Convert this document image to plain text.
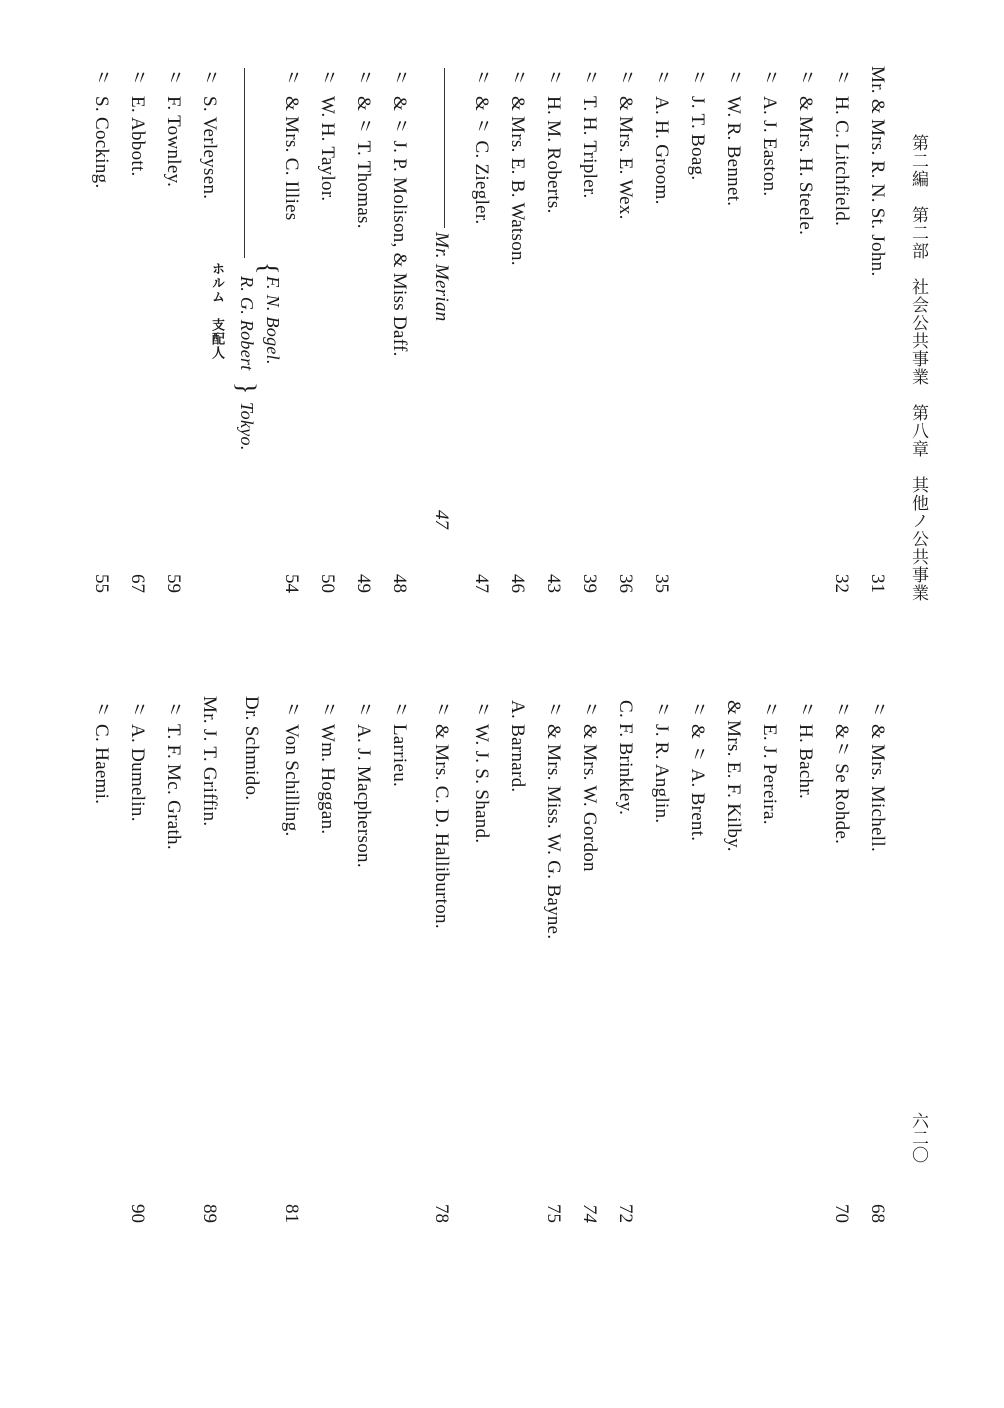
第二編　第二部　社会公共事業　第八章　其他ノ公共事業
六二〇
Mr. & Mrs. R. N. St. John.
31
〃
H. C. Litchfield.
32
〃
& Mrs. H. Steele.
〃
A. J. Easton.
〃
W. R. Bennet.
〃
J. T. Boag.
〃
A. H. Groom.
35
〃
& Mrs. E. Wex.
36
〃
T. H. Tripler.
39
〃
H. M. Roberts.
43
〃
& Mrs. E. B. Watson.
46
〃
& 〃 C. Ziegler.
47
Mr. Merian
47
〃
& 〃 J. P. Molison, & Miss Daff.
48
〃
& 〃 T. Thomas.
49
〃
W. H. Taylor.
50
〃
& Mrs. C. Illies
54
{
F. N. Bogel.
R. G. Robert
}
Tokyo.
ホルム　支配人
〃
S. Verleysen.
〃
F. Townley.
59
〃
E. Abbott.
67
〃
S. Cocking.
55
〃
& Mrs. Michell.
68
〃
&〃 Se Rohde.
70
〃
H. Bachr.
〃
E. J. Pereira.
& Mrs. E. F. Kilby.
〃
& 〃 A. Brent.
〃
J. R. Anglin.
C. F. Brinkley.
72
〃
& Mrs. W. Gordon
74
〃
& Mrs. Miss. W. G. Bayne.
75
A. Barnard.
〃
W. J. S. Shand.
〃
& Mrs. C. D. Halliburton.
78
〃
Larrieu.
〃
A. J. Macpherson.
〃
Wm. Hoggan.
〃
Von Schilling.
81
Dr. Schmido.
Mr. J. T. Griffin.
89
〃
T. F. Mc. Grath.
〃
A. Dumelin.
90
〃
C. Haemi.
